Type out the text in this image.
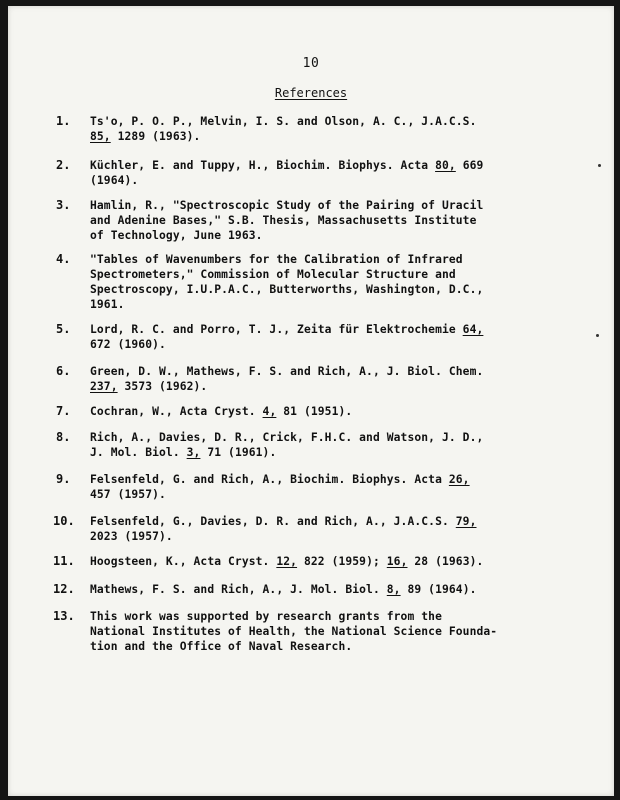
10
References
1. Ts'o, P. O. P., Melvin, I. S. and Olson, A. C., J.A.C.S.
85, 1289 (1963).
2. Küchler, E. and Tuppy, H., Biochim. Biophys. Acta 80, 669
(1964).
3. Hamlin, R., "Spectroscopic Study of the Pairing of Uracil
and Adenine Bases," S.B. Thesis, Massachusetts Institute
of Technology, June 1963.
4. "Tables of Wavenumbers for the Calibration of Infrared
Spectrometers," Commission of Molecular Structure and
Spectroscopy, I.U.P.A.C., Butterworths, Washington, D.C.,
1961.
5. Lord, R. C. and Porro, T. J., Zeita für Elektrochemie 64,
672 (1960).
6. Green, D. W., Mathews, F. S. and Rich, A., J. Biol. Chem.
237, 3573 (1962).
7. Cochran, W., Acta Cryst. 4, 81 (1951).
8. Rich, A., Davies, D. R., Crick, F.H.C. and Watson, J. D.,
J. Mol. Biol. 3, 71 (1961).
9. Felsenfeld, G. and Rich, A., Biochim. Biophys. Acta 26,
457 (1957).
10. Felsenfeld, G., Davies, D. R. and Rich, A., J.A.C.S. 79,
2023 (1957).
11. Hoogsteen, K., Acta Cryst. 12, 822 (1959); 16, 28 (1963).
12. Mathews, F. S. and Rich, A., J. Mol. Biol. 8, 89 (1964).
13. This work was supported by research grants from the
National Institutes of Health, the National Science Founda-
tion and the Office of Naval Research.
